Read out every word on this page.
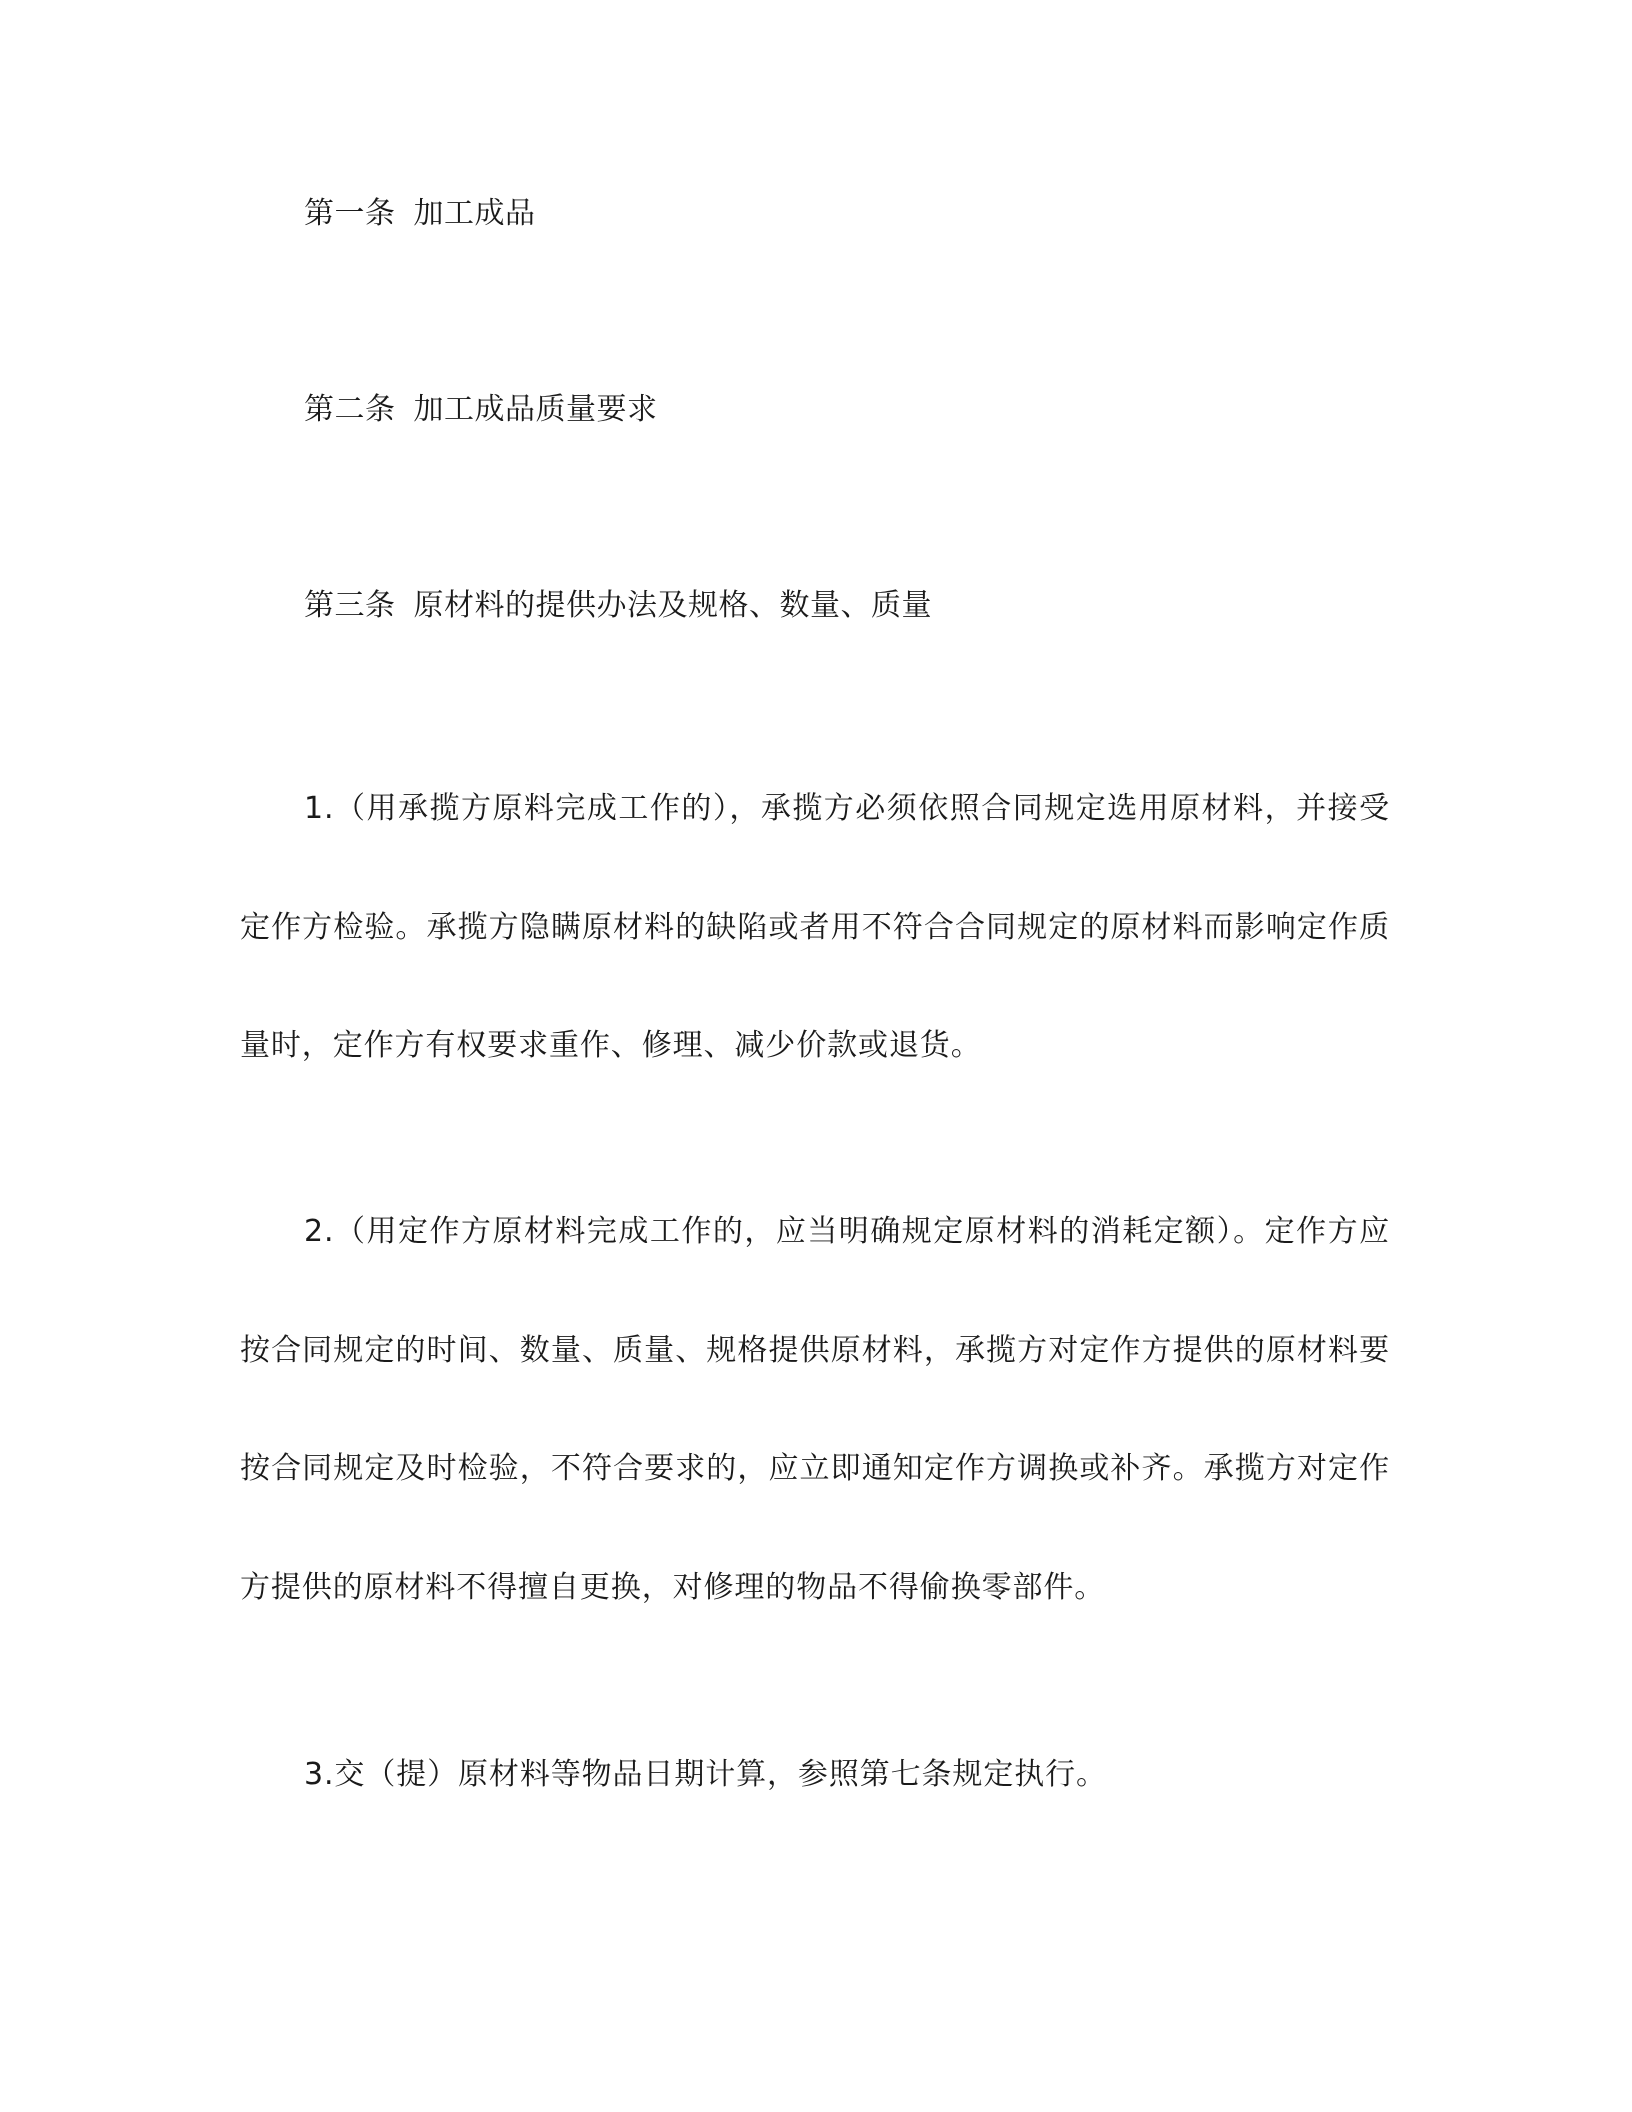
第一条 加工成品
第二条 加工成品质量要求
第三条 原材料的提供办法及规格、数量、质量

1.（用承揽方原料完成工作的），承揽方必须依照合同规定选用原材料，并接受定作方检验。承揽方隐瞒原材料的缺陷或者用不符合合同规定的原材料而影响定作质量时，定作方有权要求重作、修理、减少价款或退货。

2.（用定作方原材料完成工作的，应当明确规定原材料的消耗定额）。定作方应按合同规定的时间、数量、质量、规格提供原材料，承揽方对定作方提供的原材料要按合同规定及时检验，不符合要求的，应立即通知定作方调换或补齐。承揽方对定作方提供的原材料不得擅自更换，对修理的物品不得偷换零部件。

3.交（提）原材料等物品日期计算，参照第七条规定执行。
